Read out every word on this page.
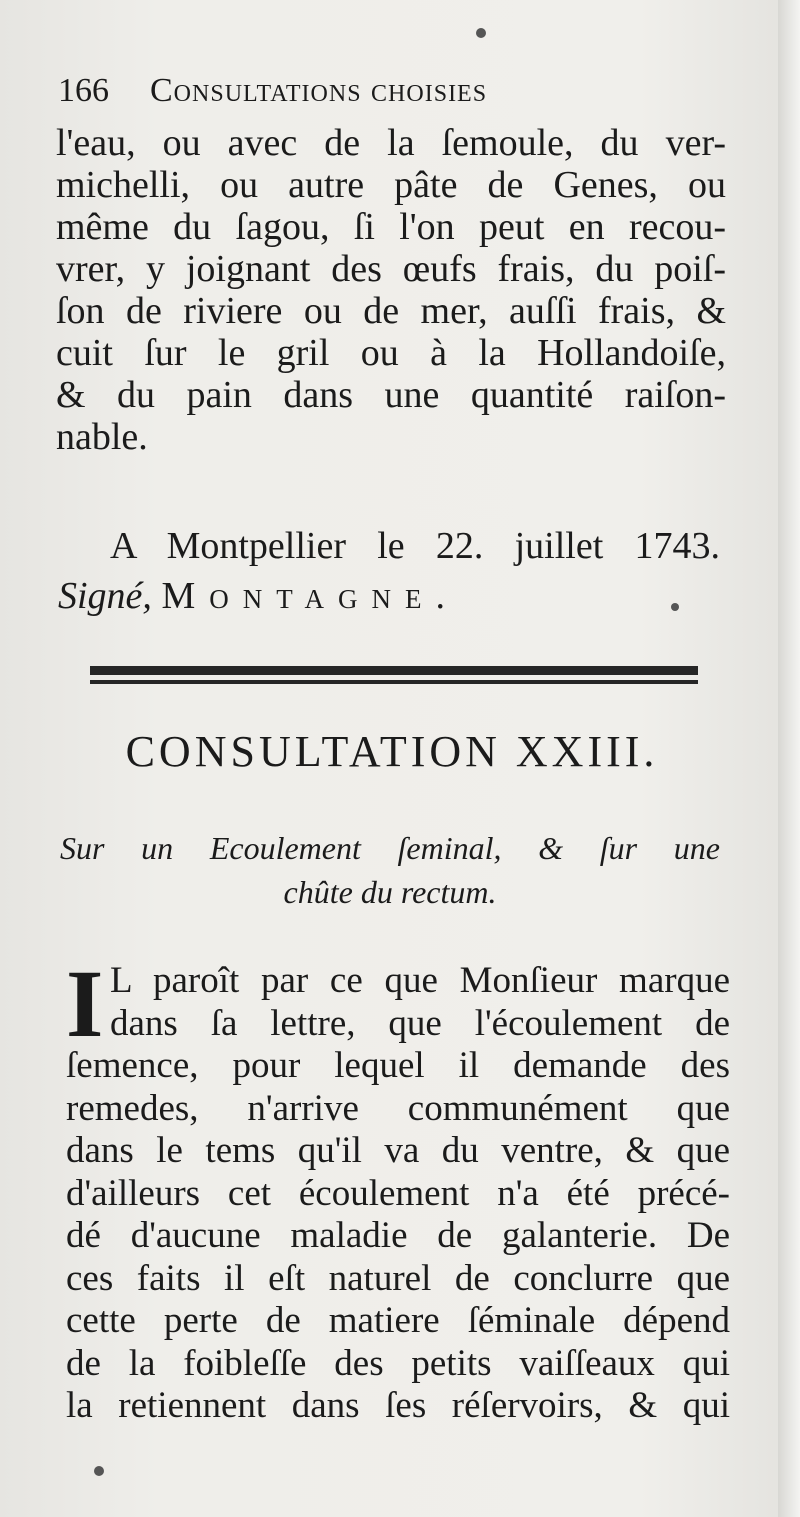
166 Consultations choisies
l'eau, ou avec de la ſemoule, du ver-
michelli, ou autre pâte de Genes, ou
même du ſagou, ſi l'on peut en recou-
vrer, y joignant des œufs frais, du poiſ-
ſon de riviere ou de mer, auſſi frais, &
cuit ſur le gril ou à la Hollandoiſe,
& du pain dans une quantité raiſon-
nable.
A Montpellier le 22. juillet 1743.
Signé, Montagne.
CONSULTATION XXIII.
Sur un Ecoulement ſeminal, & ſur une
chûte du rectum.
I L paroît par ce que Monſieur marque
dans ſa lettre, que l'écoulement de
ſemence, pour lequel il demande des
remedes, n'arrive communément que
dans le tems qu'il va du ventre, & que
d'ailleurs cet écoulement n'a été précé-
dé d'aucune maladie de galanterie. De
ces faits il eſt naturel de conclurre que
cette perte de matiere ſéminale dépend
de la foibleſſe des petits vaiſſeaux qui
la retiennent dans ſes réſervoirs, & qui
